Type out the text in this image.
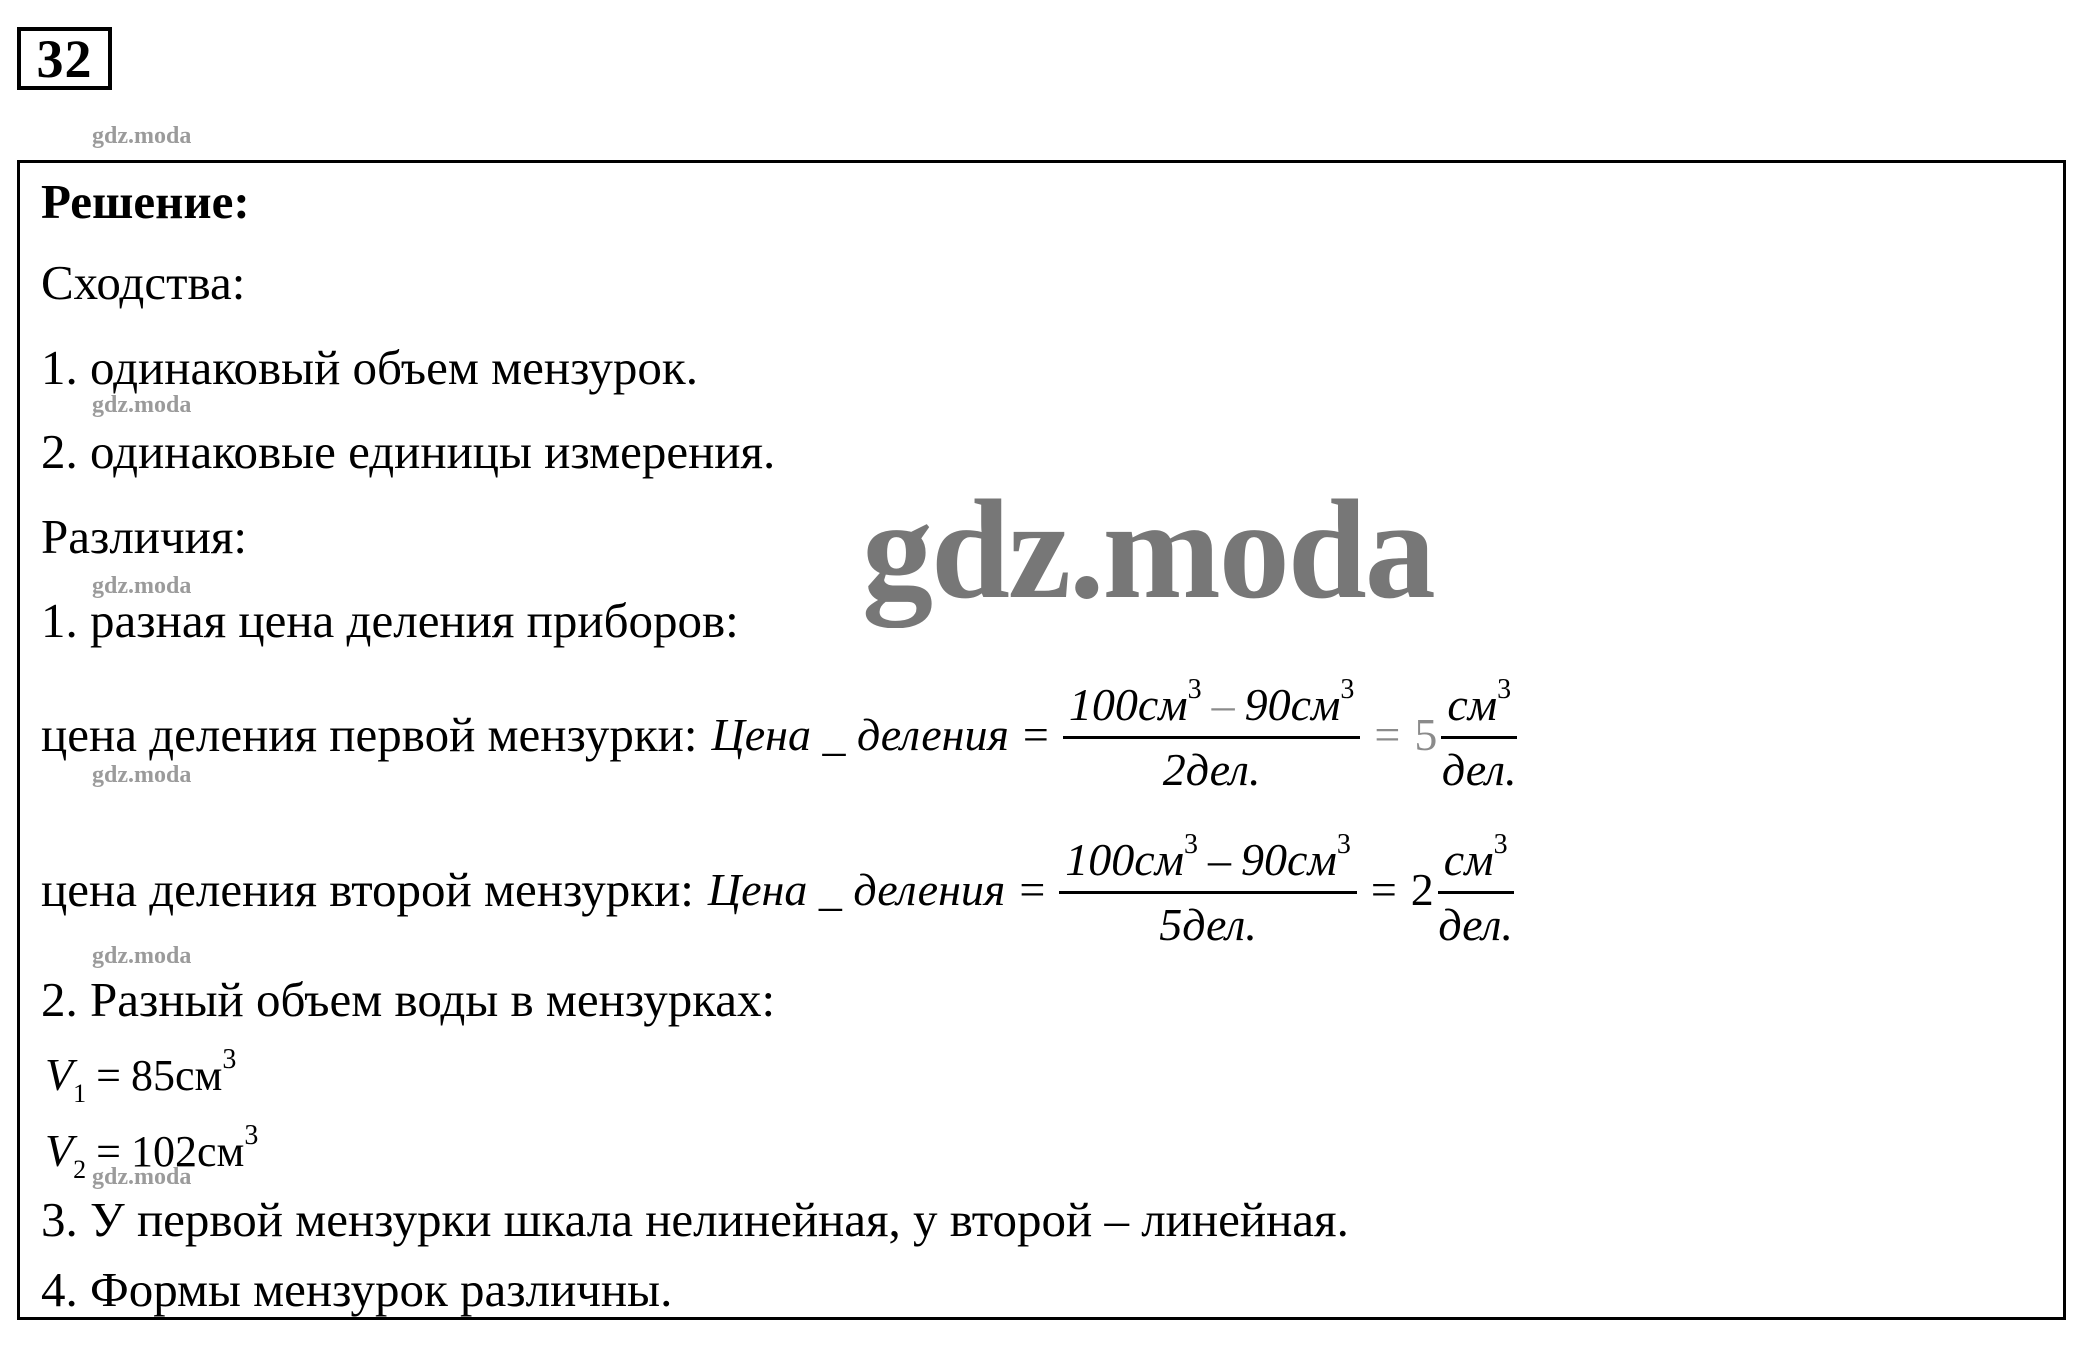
32
gdz.moda
Решение:
Сходства:
1. одинаковый объем мензурок.
gdz.moda
2. одинаковые единицы измерения.
Различия:
gdz.moda
1. разная цена деления приборов: gdz.moda
цена деления первой мензурки: Цена _ деления = $\frac{100см^3 - 90см^3}{\text{2дел.}} = 5 \frac{см^3}{\text{дел.}}$
gdz.moda
цена деления второй мензурки: Цена _ деления = $\frac{100см^3 - 90см^3}{\text{5дел.}} = 2 \frac{см^3}{\text{дел.}}$
gdz.moda
2. Разный объем воды в мензурках:
$V_1 = 85см^3$
$V_2 = 102см^3$
gdz.moda
3. У первой мензурки шкала нелинейная, у второй – линейная.
4. Формы мензурок различны.
